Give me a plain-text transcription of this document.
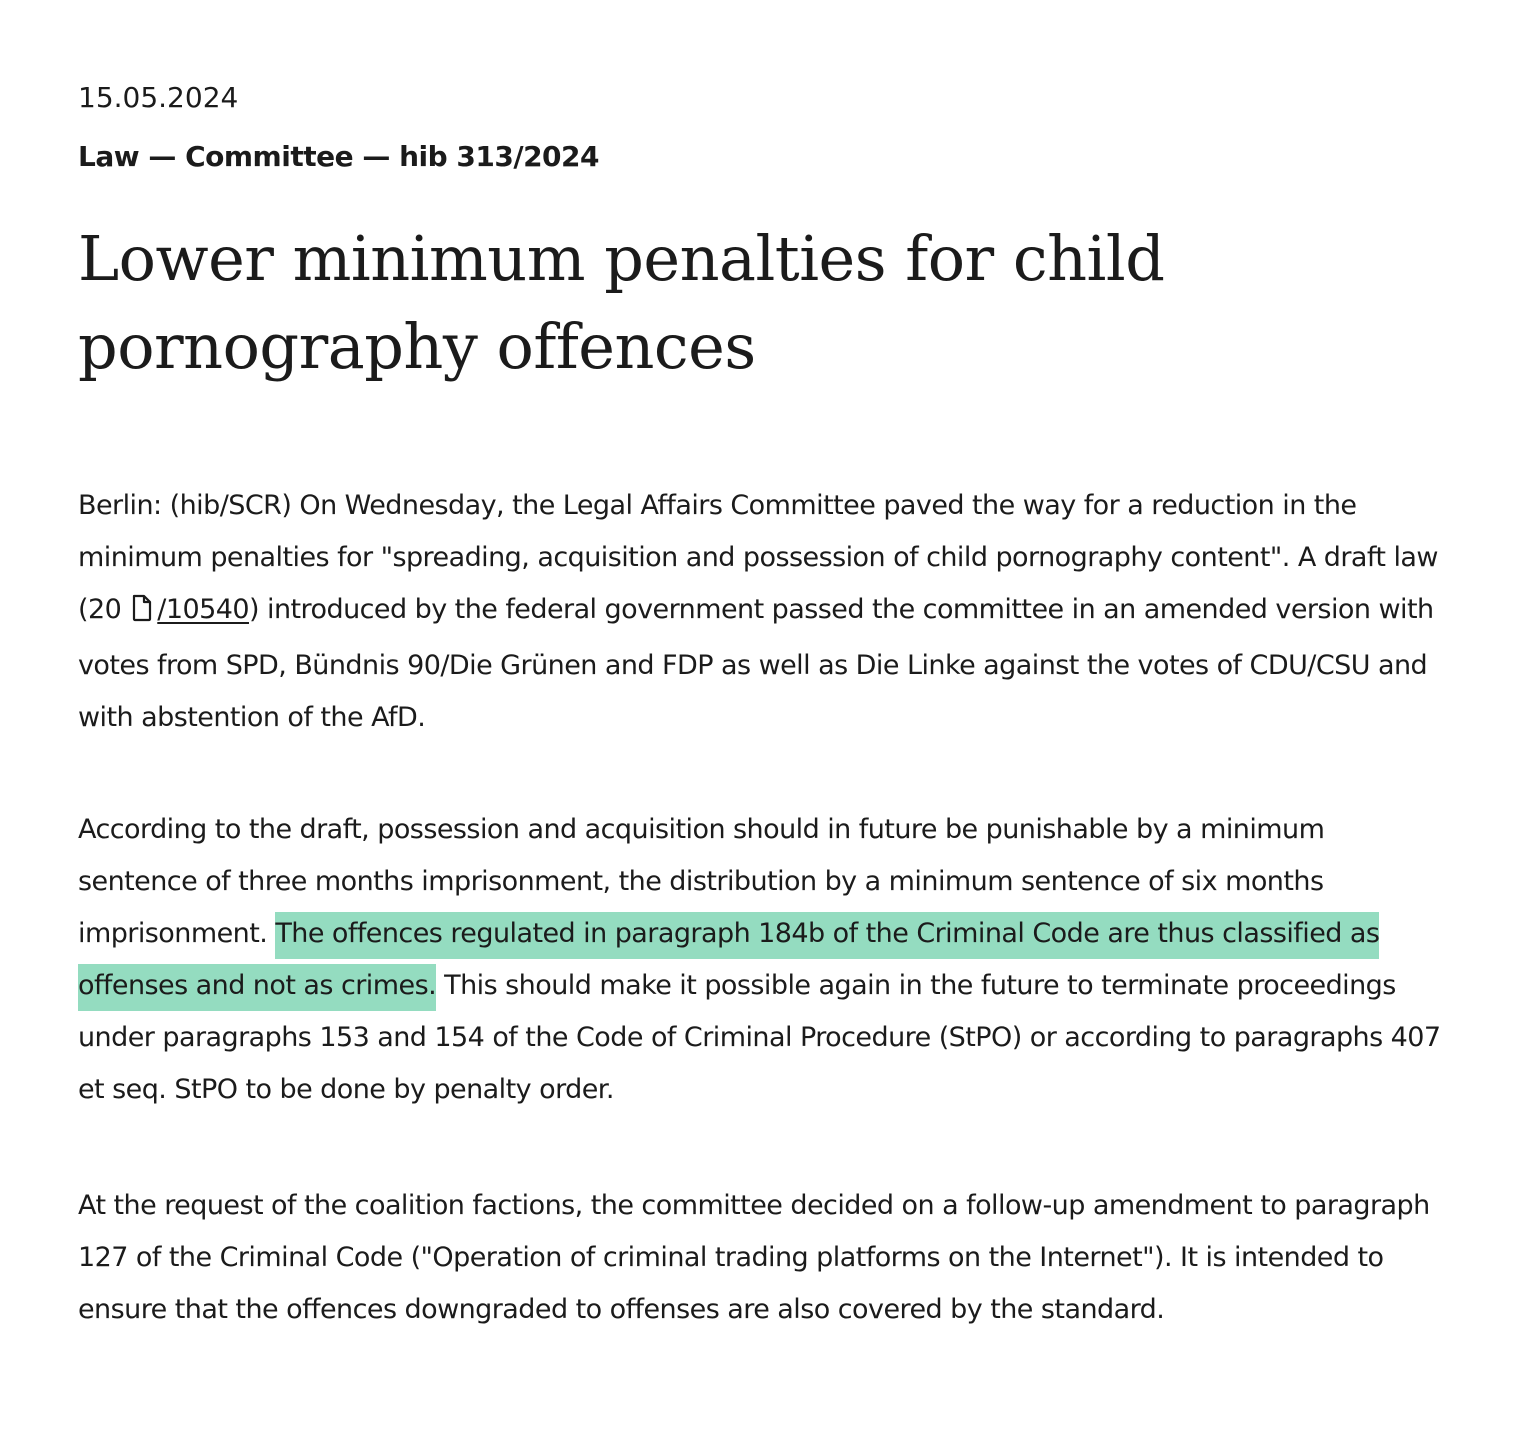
15.05.2024

Law — Committee — hib 313/2024

Lower minimum penalties for child pornography offences

Berlin: (hib/SCR) On Wednesday, the Legal Affairs Committee paved the way for a reduction in the minimum penalties for "spreading, acquisition and possession of child pornography content". A draft law (20 /10540) introduced by the federal government passed the committee in an amended version with votes from SPD, Bündnis 90/Die Grünen and FDP as well as Die Linke against the votes of CDU/CSU and with abstention of the AfD.

According to the draft, possession and acquisition should in future be punishable by a minimum sentence of three months imprisonment, the distribution by a minimum sentence of six months imprisonment. The offences regulated in paragraph 184b of the Criminal Code are thus classified as offenses and not as crimes. This should make it possible again in the future to terminate proceedings under paragraphs 153 and 154 of the Code of Criminal Procedure (StPO) or according to paragraphs 407 et seq. StPO to be done by penalty order.

At the request of the coalition factions, the committee decided on a follow-up amendment to paragraph 127 of the Criminal Code ("Operation of criminal trading platforms on the Internet"). It is intended to ensure that the offences downgraded to offenses are also covered by the standard.
